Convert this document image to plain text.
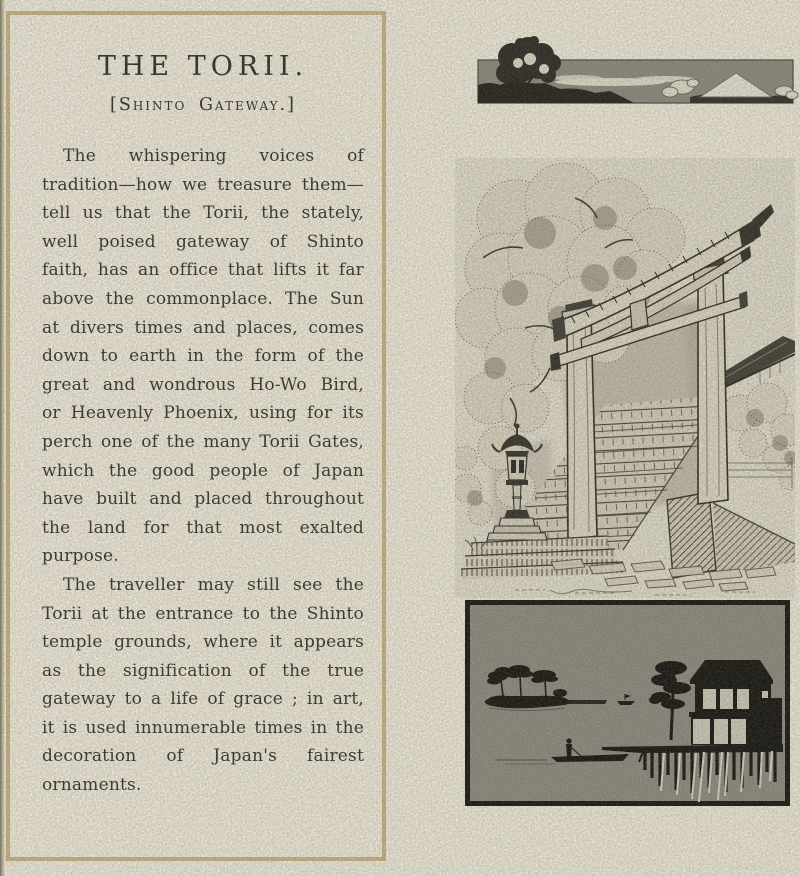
THE TORII.
[Shinto Gateway.]

The whispering voices of tradition—how we treasure them—tell us that the Torii, the stately, well poised gateway of Shinto faith, has an office that lifts it far above the commonplace. The Sun at divers times and places, comes down to earth in the form of the great and wondrous Ho-Wo Bird, or Heavenly Phoenix, using for its perch one of the many Torii Gates, which the good people of Japan have built and placed throughout the land for that most exalted purpose.

The traveller may still see the Torii at the entrance to the Shinto temple grounds, where it appears as the signification of the true gateway to a life of grace ; in art, it is used innumerable times in the decoration of Japan's fairest ornaments.
